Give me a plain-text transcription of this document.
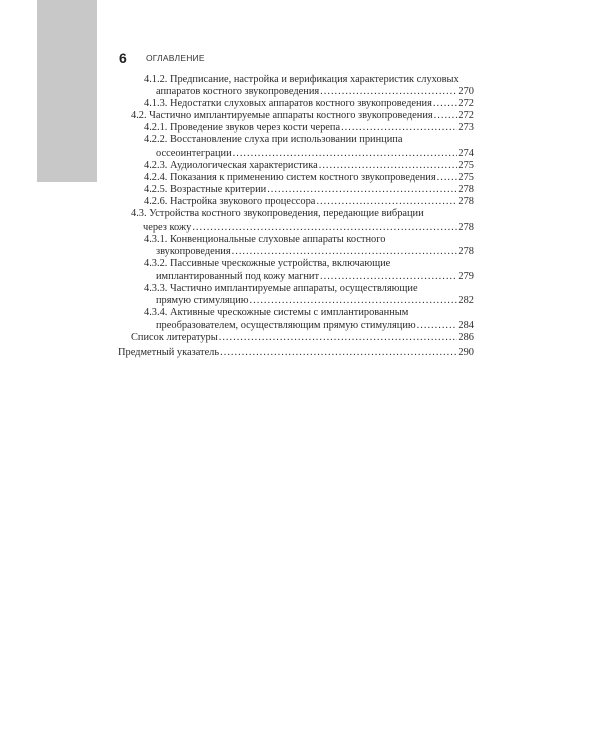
6 ОГЛАВЛЕНИЕ
4.1.2. Предписание, настройка и верификация характеристик слуховых
аппаратов костного звукопроведения . . .	270
4.1.3. Недостатки слуховых аппаратов костного звукопроведения . . .	272
4.2. Частично имплантируемые аппараты костного звукопроведения . . . 272
4.2.1. Проведение звуков через кости черепа . . .	273
4.2.2. Восстановление слуха при использовании принципа
оссеоинтеграции . . .	274
4.2.3. Аудиологическая характеристика . . .	275
4.2.4. Показания к применению систем костного звукопроведения . . . 275
4.2.5. Возрастные критерии . . .	278
4.2.6. Настройка звукового процессора . . .	278
4.3. Устройства костного звукопроведения, передающие вибрации
через кожу . . .	278
4.3.1. Конвенциональные слуховые аппараты костного
звукопроведения . . .	278
4.3.2. Пассивные чрескожные устройства, включающие
имплантированный под кожу магнит . . .	279
4.3.3. Частично имплантируемые аппараты, осуществляющие
прямую стимуляцию . . .	282
4.3.4. Активные чрескожные системы с имплантированным
преобразователем, осуществляющим прямую стимуляцию . . .	284
Список литературы . . .	286
Предметный указатель . . .	290
